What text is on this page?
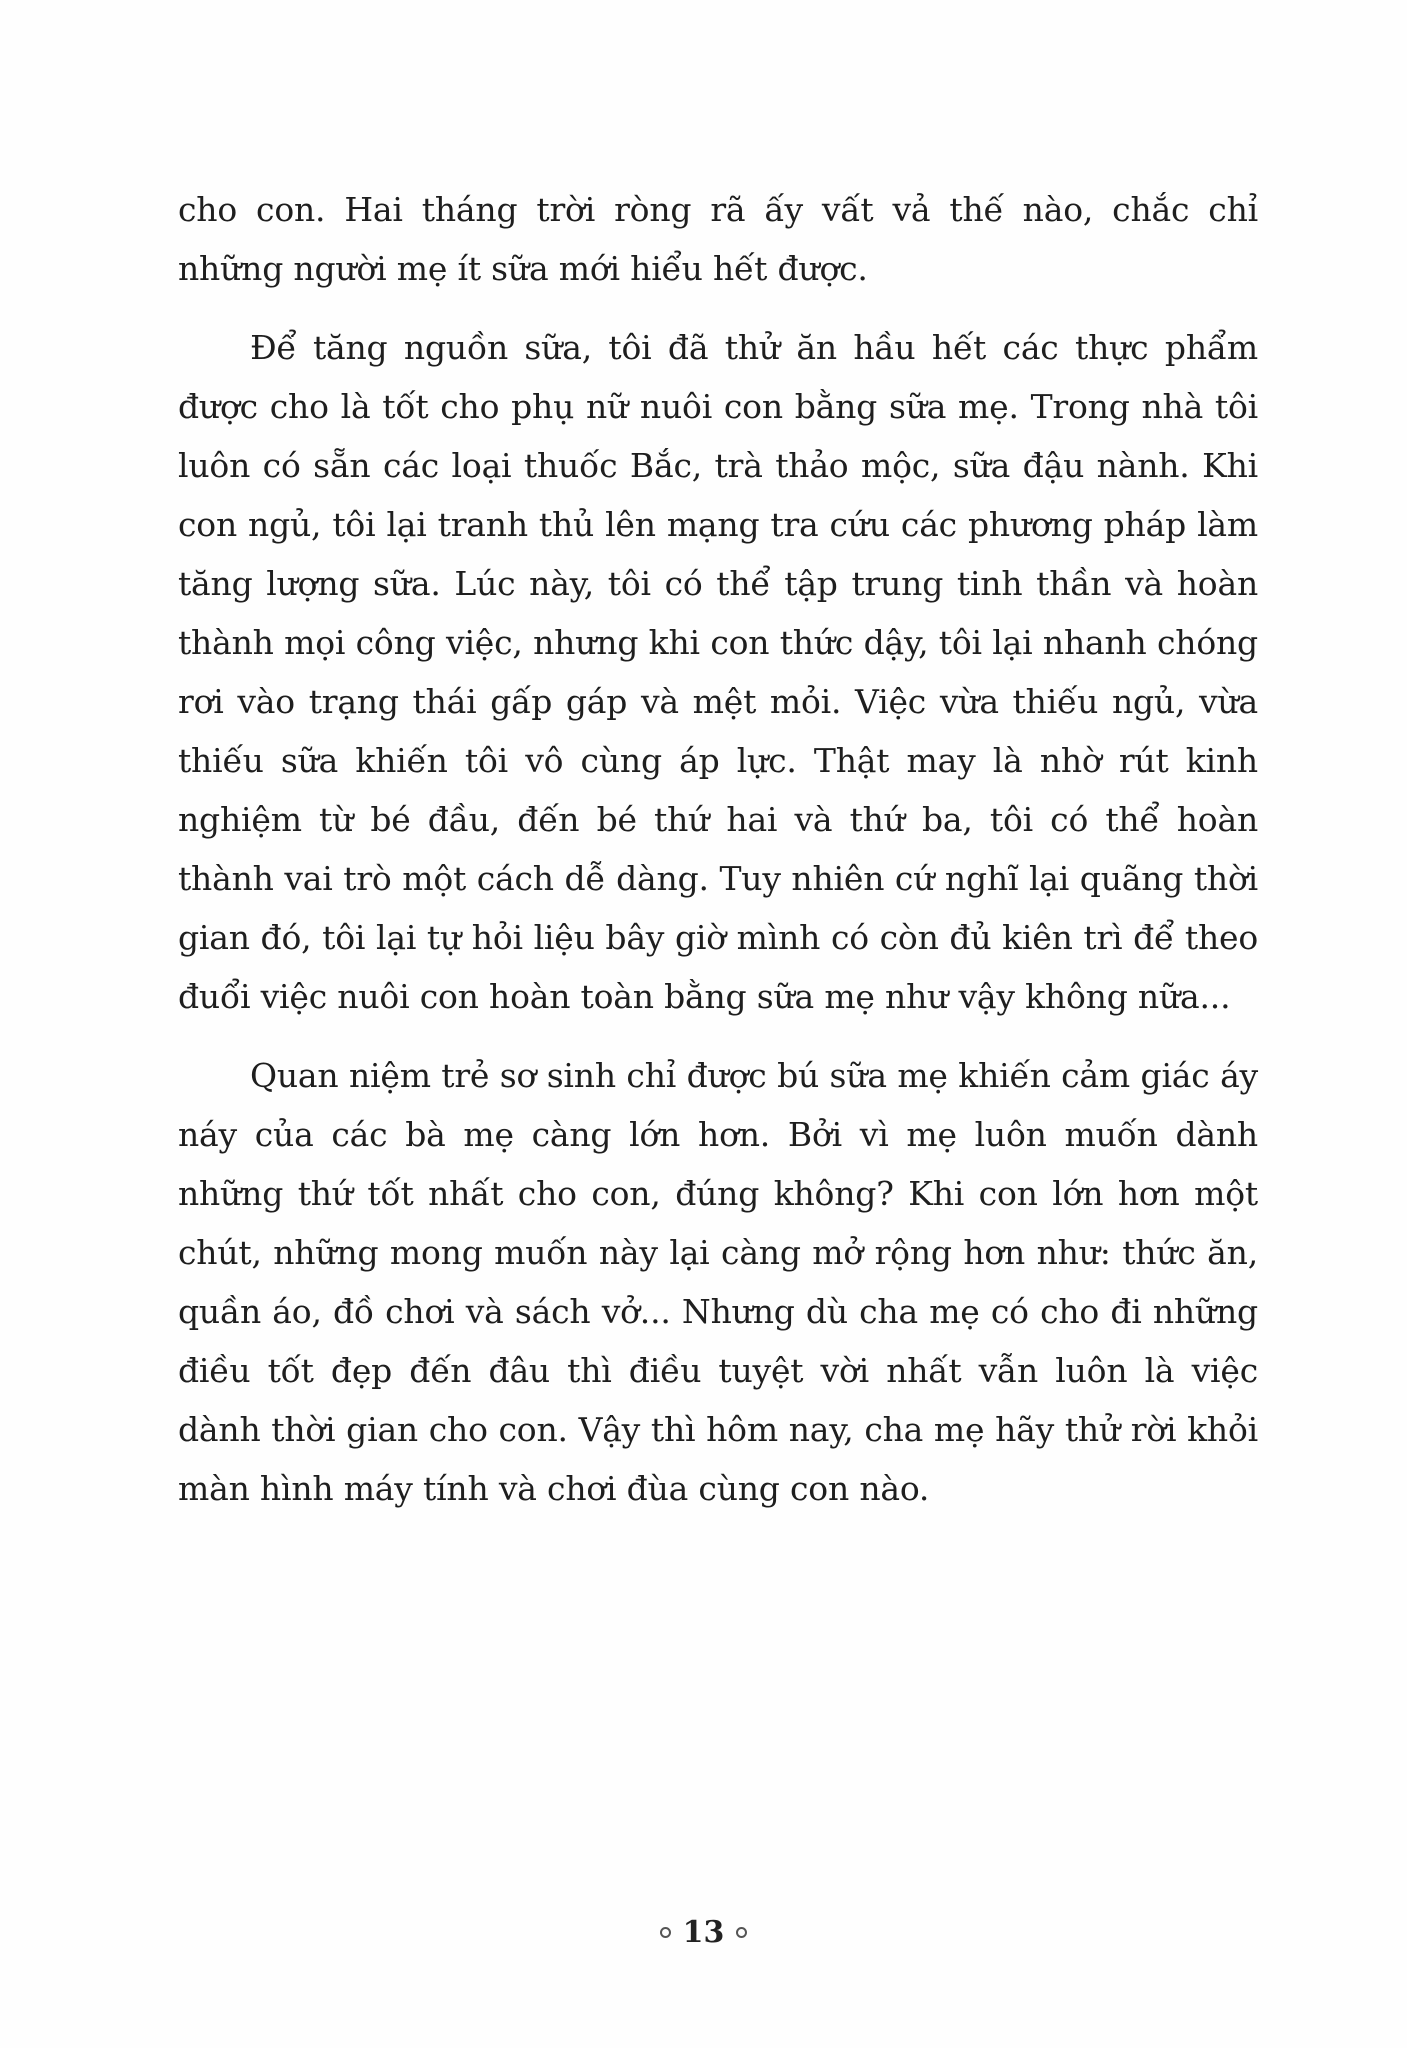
cho con. Hai tháng trời ròng rã ấy vất vả thế nào, chắc chỉ những người mẹ ít sữa mới hiểu hết được.

Để tăng nguồn sữa, tôi đã thử ăn hầu hết các thực phẩm được cho là tốt cho phụ nữ nuôi con bằng sữa mẹ. Trong nhà tôi luôn có sẵn các loại thuốc Bắc, trà thảo mộc, sữa đậu nành. Khi con ngủ, tôi lại tranh thủ lên mạng tra cứu các phương pháp làm tăng lượng sữa. Lúc này, tôi có thể tập trung tinh thần và hoàn thành mọi công việc, nhưng khi con thức dậy, tôi lại nhanh chóng rơi vào trạng thái gấp gáp và mệt mỏi. Việc vừa thiếu ngủ, vừa thiếu sữa khiến tôi vô cùng áp lực. Thật may là nhờ rút kinh nghiệm từ bé đầu, đến bé thứ hai và thứ ba, tôi có thể hoàn thành vai trò một cách dễ dàng. Tuy nhiên cứ nghĩ lại quãng thời gian đó, tôi lại tự hỏi liệu bây giờ mình có còn đủ kiên trì để theo đuổi việc nuôi con hoàn toàn bằng sữa mẹ như vậy không nữa...

Quan niệm trẻ sơ sinh chỉ được bú sữa mẹ khiến cảm giác áy náy của các bà mẹ càng lớn hơn. Bởi vì mẹ luôn muốn dành những thứ tốt nhất cho con, đúng không? Khi con lớn hơn một chút, những mong muốn này lại càng mở rộng hơn như: thức ăn, quần áo, đồ chơi và sách vở... Nhưng dù cha mẹ có cho đi những điều tốt đẹp đến đâu thì điều tuyệt vời nhất vẫn luôn là việc dành thời gian cho con. Vậy thì hôm nay, cha mẹ hãy thử rời khỏi màn hình máy tính và chơi đùa cùng con nào.

13
